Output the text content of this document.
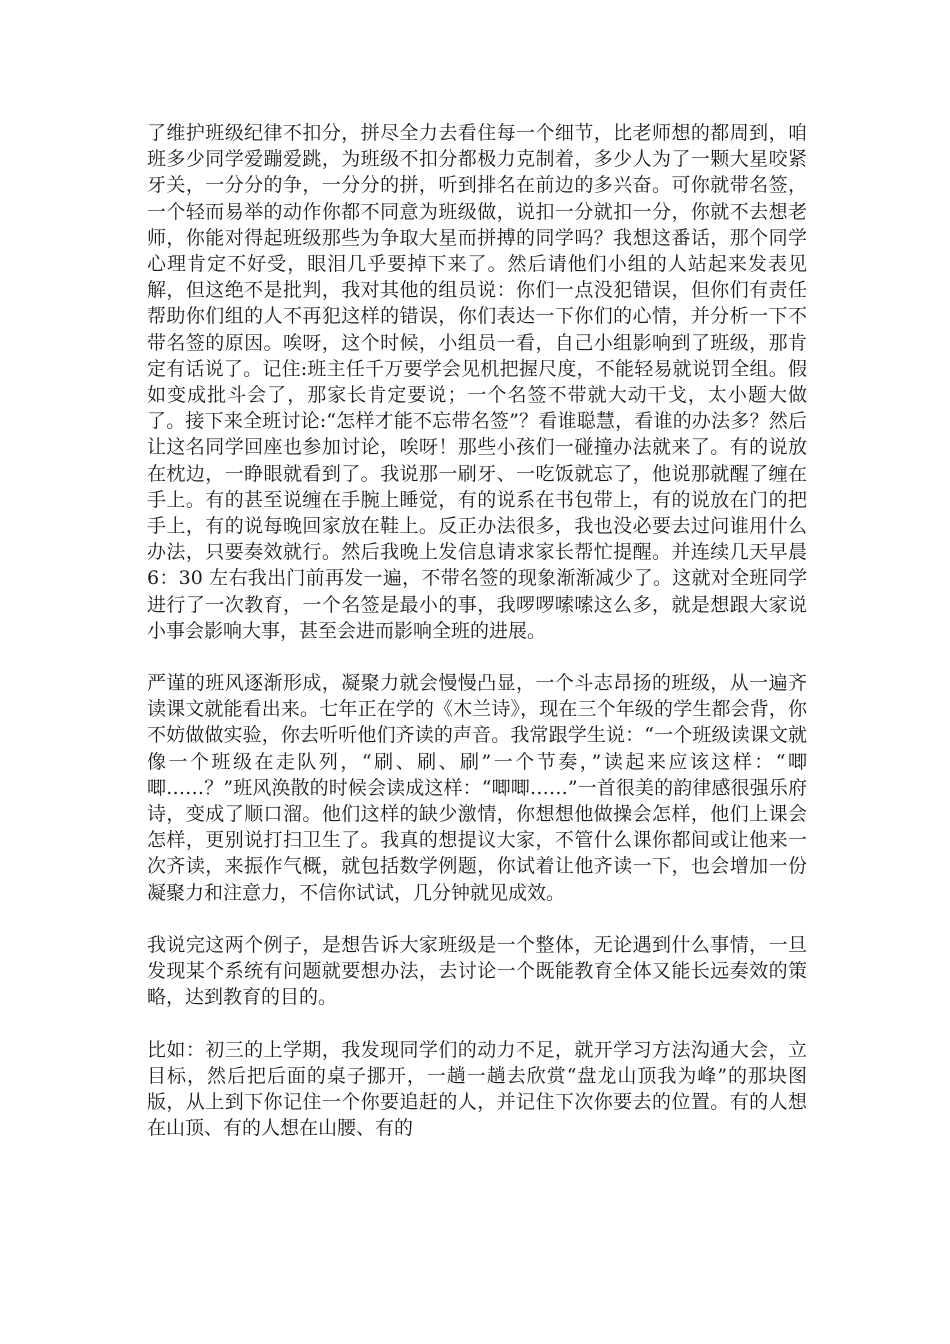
了维护班级纪律不扣分，拼尽全力去看住每一个细节，比老师想的都周到，咱班多少同学爱蹦爱跳，为班级不扣分都极力克制着，多少人为了一颗大星咬紧牙关，一分分的争，一分分的拼，听到排名在前边的多兴奋。可你就带名签，一个轻而易举的动作你都不同意为班级做，说扣一分就扣一分，你就不去想老师，你能对得起班级那些为争取大星而拼搏的同学吗？我想这番话，那个同学心理肯定不好受，眼泪几乎要掉下来了。然后请他们小组的人站起来发表见解，但这绝不是批判，我对其他的组员说：你们一点没犯错误，但你们有责任帮助你们组的人不再犯这样的错误，你们表达一下你们的心情，并分析一下不带名签的原因。唉呀，这个时候，小组员一看，自己小组影响到了班级，那肯定有话说了。记住:班主任千万要学会见机把握尺度，不能轻易就说罚全组。假如变成批斗会了，那家长肯定要说；一个名签不带就大动干戈，太小题大做了。接下来全班讨论:“怎样才能不忘带名签”？看谁聪慧，看谁的办法多？然后让这名同学回座也参加讨论，唉呀！那些小孩们一碰撞办法就来了。有的说放在枕边，一睁眼就看到了。我说那一刷牙、一吃饭就忘了，他说那就醒了缠在手上。有的甚至说缠在手腕上睡觉，有的说系在书包带上，有的说放在门的把手上，有的说每晚回家放在鞋上。反正办法很多，我也没必要去过问谁用什么办法，只要奏效就行。然后我晚上发信息请求家长帮忙提醒。并连续几天早晨 6：30 左右我出门前再发一遍，不带名签的现象渐渐减少了。这就对全班同学进行了一次教育，一个名签是最小的事，我啰啰嗦嗦这么多，就是想跟大家说小事会影响大事，甚至会进而影响全班的进展。

严谨的班风逐渐形成，凝聚力就会慢慢凸显，一个斗志昂扬的班级，从一遍齐读课文就能看出来。七年正在学的《木兰诗》，现在三个年级的学生都会背，你不妨做做实验，你去听听他们齐读的声音。我常跟学生说：“一个班级读课文就像一个班级在走队列，“刷、刷、刷”一个节奏，”读起来应该这样：“唧唧……？”班风涣散的时候会读成这样：“唧唧……”一首很美的韵律感很强乐府诗，变成了顺口溜。他们这样的缺少激情，你想想他做操会怎样，他们上课会怎样，更别说打扫卫生了。我真的想提议大家，不管什么课你都间或让他来一次齐读，来振作气概，就包括数学例题，你试着让他齐读一下，也会增加一份凝聚力和注意力，不信你试试，几分钟就见成效。

我说完这两个例子，是想告诉大家班级是一个整体，无论遇到什么事情，一旦发现某个系统有问题就要想办法，去讨论一个既能教育全体又能长远奏效的策略，达到教育的目的。

比如：初三的上学期，我发现同学们的动力不足，就开学习方法沟通大会，立目标，然后把后面的桌子挪开，一趟一趟去欣赏“盘龙山顶我为峰”的那块图版，从上到下你记住一个你要追赶的人，并记住下次你要去的位置。有的人想在山顶、有的人想在山腰、有的
